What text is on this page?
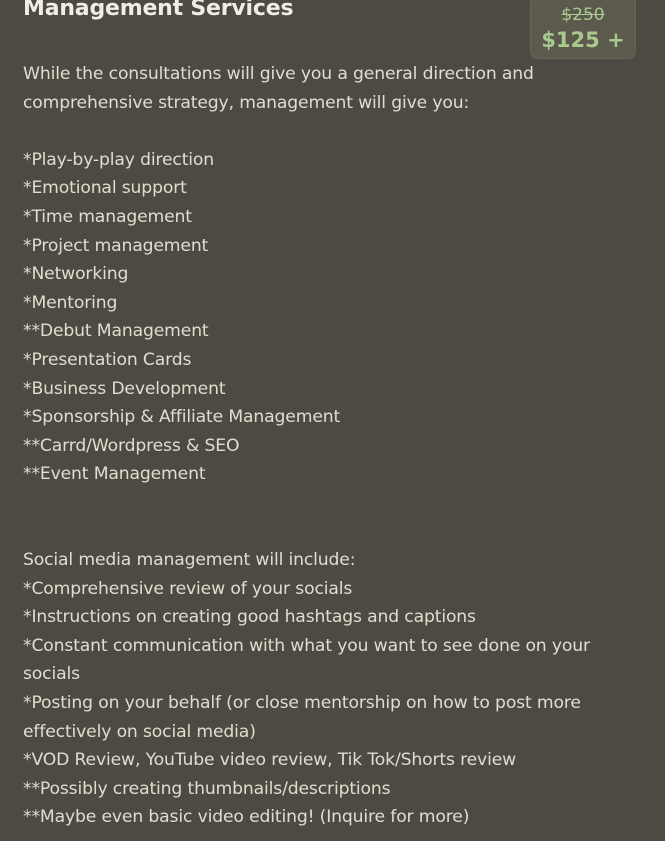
Management Services	$250
$125 +
While the consultations will give you a general direction and
comprehensive strategy, management will give you:
*Play-by-play direction
*Emotional support
*Time management
*Project management
*Networking
*Mentoring
**Debut Management
*Presentation Cards
*Business Development
*Sponsorship & Affiliate Management
**Carrd/Wordpress & SEO
**Event Management
Social media management will include:
*Comprehensive review of your socials
*Instructions on creating good hashtags and captions
*Constant communication with what you want to see done on your
socials
*Posting on your behalf (or close mentorship on how to post more
effectively on social media)
*VOD Review, YouTube video review, Tik Tok/Shorts review
**Possibly creating thumbnails/descriptions
**Maybe even basic video editing! (Inquire for more)
